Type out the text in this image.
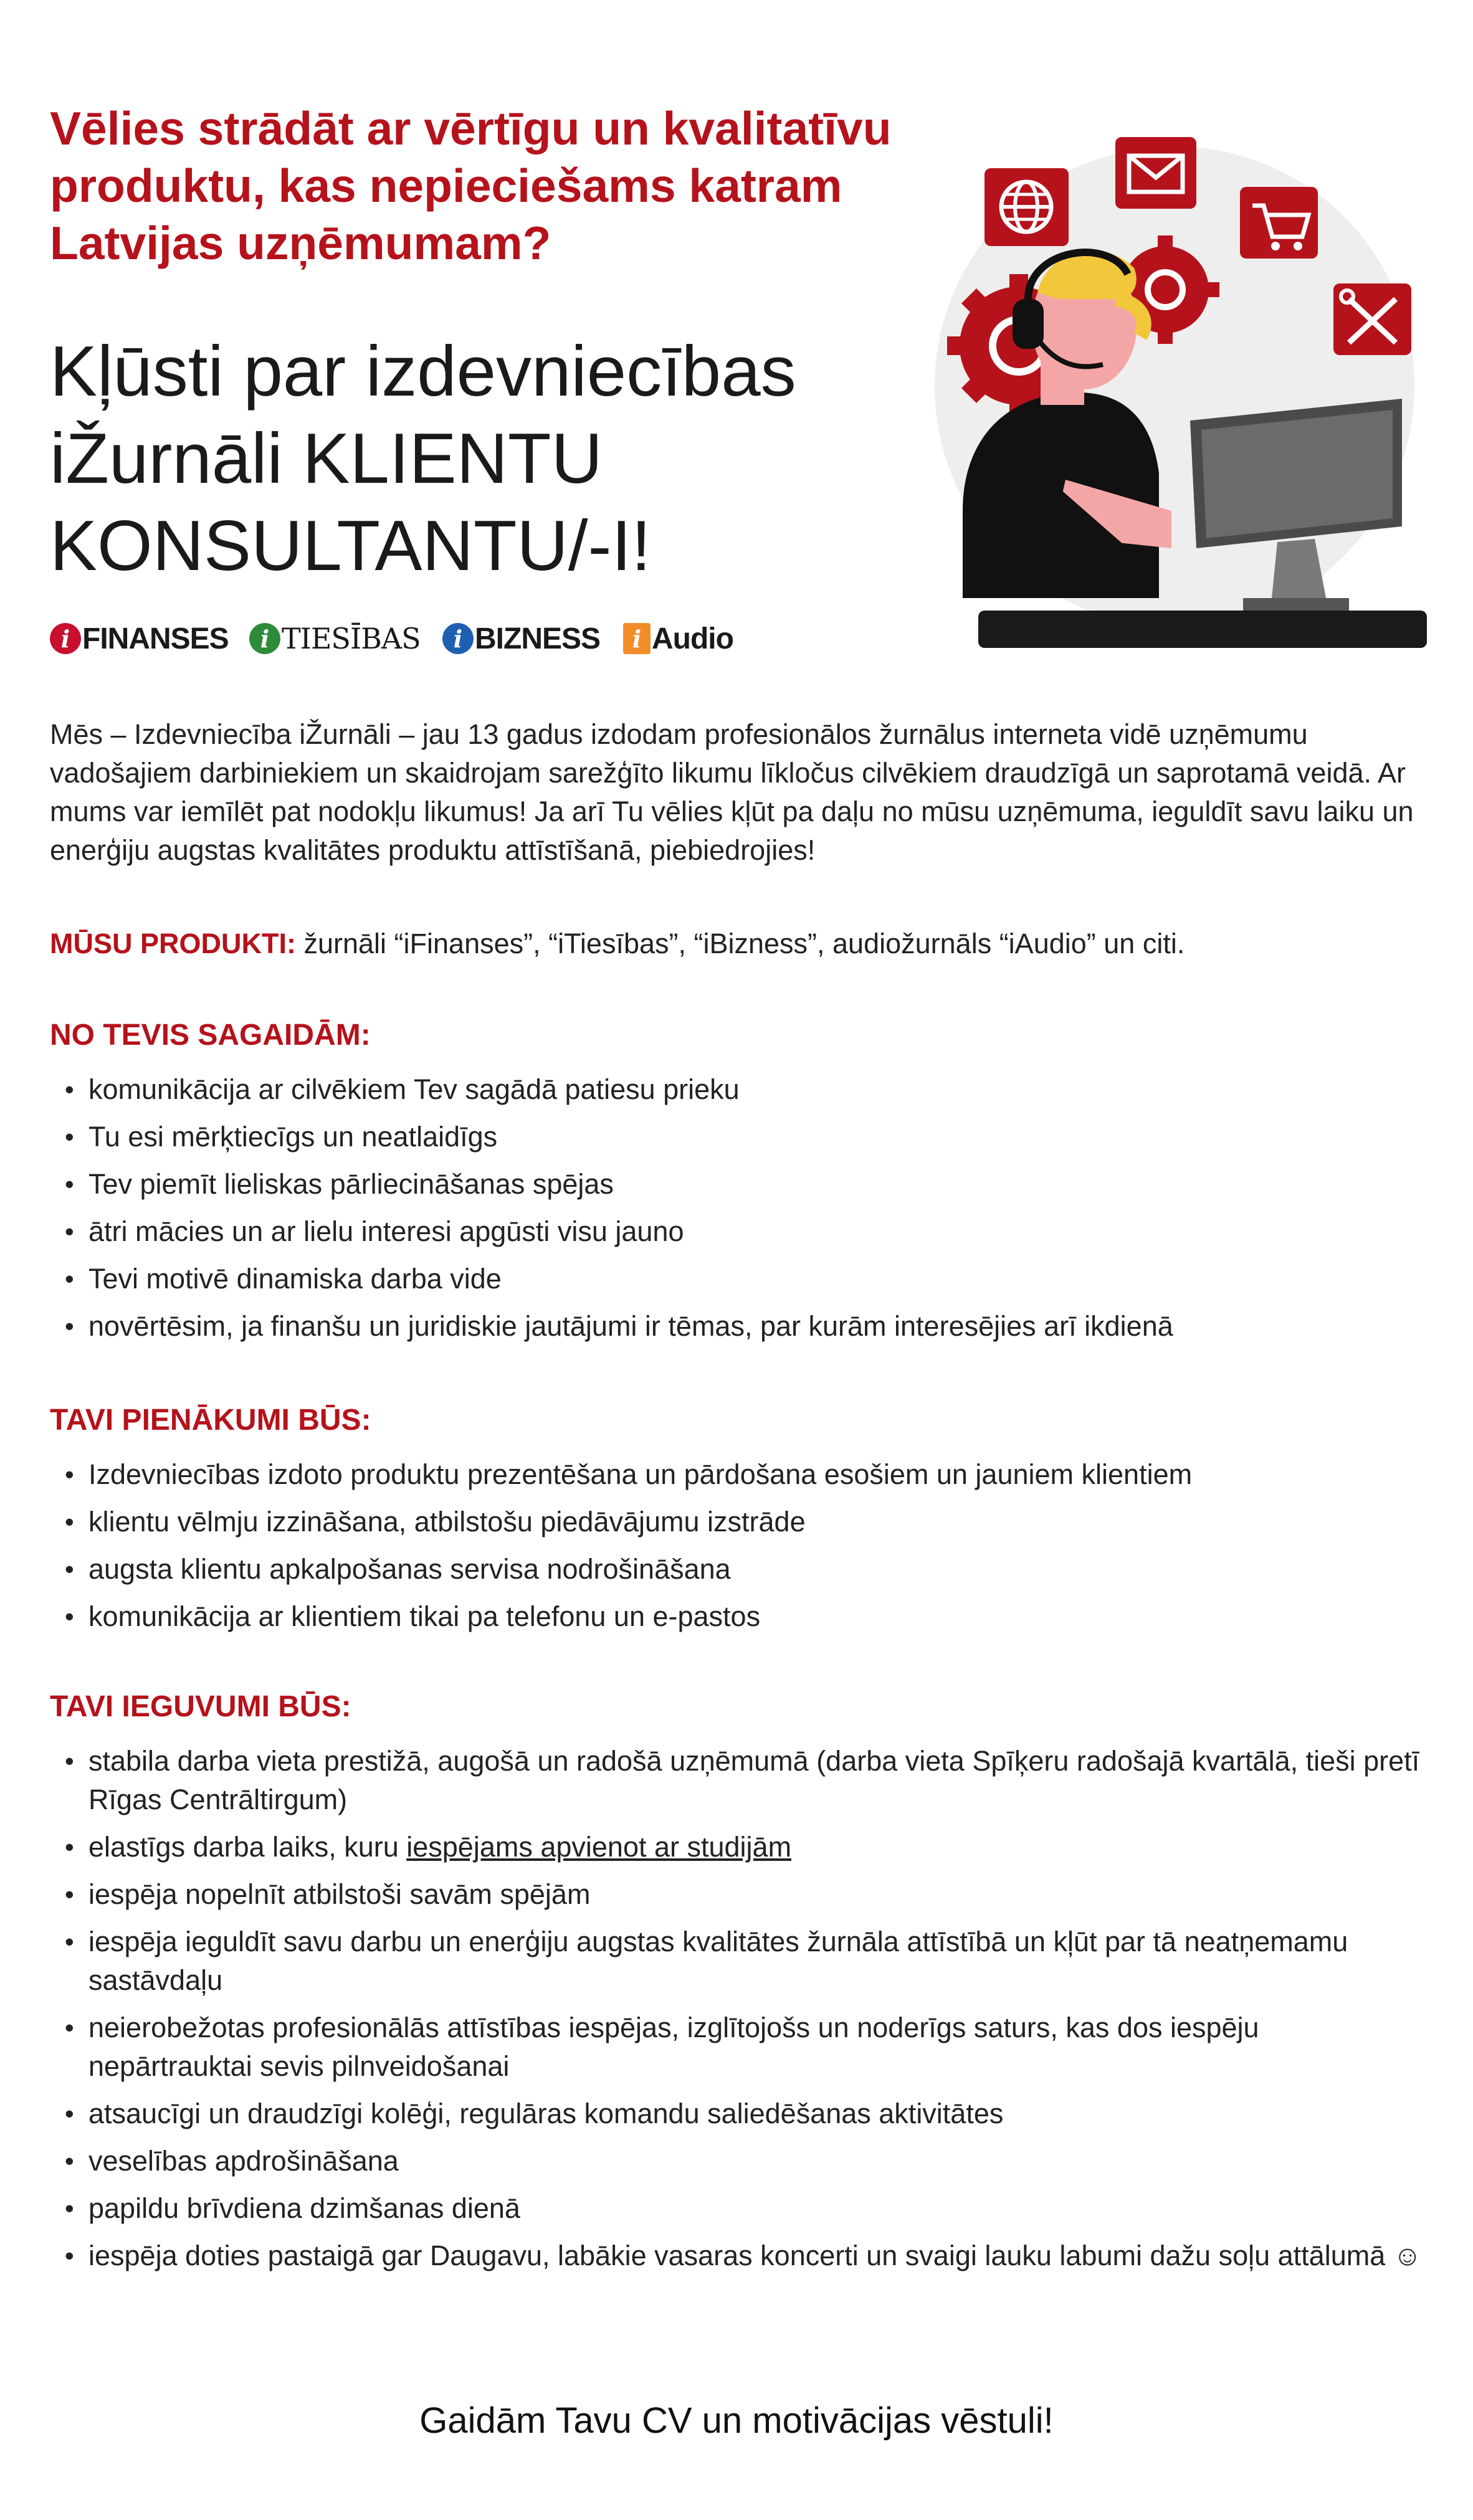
Vēlies strādāt ar vērtīgu un kvalitatīvu produktu, kas nepieciešams katram Latvijas uzņēmumam?
Kļūsti par izdevniecības
iŽurnāli KLIENTU
KONSULTANTU/-I!
i FINANSES	i TIESĪBAS	i BIZNESS	i Audio
Mēs – Izdevniecība iŽurnāli – jau 13 gadus izdodam profesionālos žurnālus interneta vidē uzņēmumu vadošajiem darbiniekiem un skaidrojam sarežģīto likumu līkločus cilvēkiem draudzīgā un saprotamā veidā. Ar mums var iemīlēt pat nodokļu likumus! Ja arī Tu vēlies kļūt pa daļu no mūsu uzņēmuma, ieguldīt savu laiku un enerģiju augstas kvalitātes produktu attīstīšanā, piebiedrojies!
MŪSU PRODUKTI: žurnāli “iFinanses”, “iTiesības”, “iBizness”, audiožurnāls “iAudio” un citi.
NO TEVIS SAGAIDĀM:
• komunikācija ar cilvēkiem Tev sagādā patiesu prieku
• Tu esi mērķtiecīgs un neatlaidīgs
• Tev piemīt lieliskas pārliecināšanas spējas
• ātri mācies un ar lielu interesi apgūsti visu jauno
• Tevi motivē dinamiska darba vide
• novērtēsim, ja finanšu un juridiskie jautājumi ir tēmas, par kurām interesējies arī ikdienā
TAVI PIENĀKUMI BŪS:
• Izdevniecības izdoto produktu prezentēšana un pārdošana esošiem un jauniem klientiem
• klientu vēlmju izzināšana, atbilstošu piedāvājumu izstrāde
• augsta klientu apkalpošanas servisa nodrošināšana
• komunikācija ar klientiem tikai pa telefonu un e-pastos
TAVI IEGUVUMI BŪS:
• stabila darba vieta prestižā, augošā un radošā uzņēmumā (darba vieta Spīķeru radošajā kvartālā, tieši pretī Rīgas Centrāltirgum)
• elastīgs darba laiks, kuru iespējams apvienot ar studijām
• iespēja nopelnīt atbilstoši savām spējām
• iespēja ieguldīt savu darbu un enerģiju augstas kvalitātes žurnāla attīstībā un kļūt par tā neatņemamu sastāvdaļu
• neierobežotas profesionālās attīstības iespējas, izglītojošs un noderīgs saturs, kas dos iespēju nepārtrauktai sevis pilnveidošanai
• atsaucīgi un draudzīgi kolēģi, regulāras komandu saliedēšanas aktivitātes
• veselības apdrošināšana
• papildu brīvdiena dzimšanas dienā
• iespēja doties pastaigā gar Daugavu, labākie vasaras koncerti un svaigi lauku labumi dažu soļu attālumā ☺
Gaidām Tavu CV un motivācijas vēstuli!
